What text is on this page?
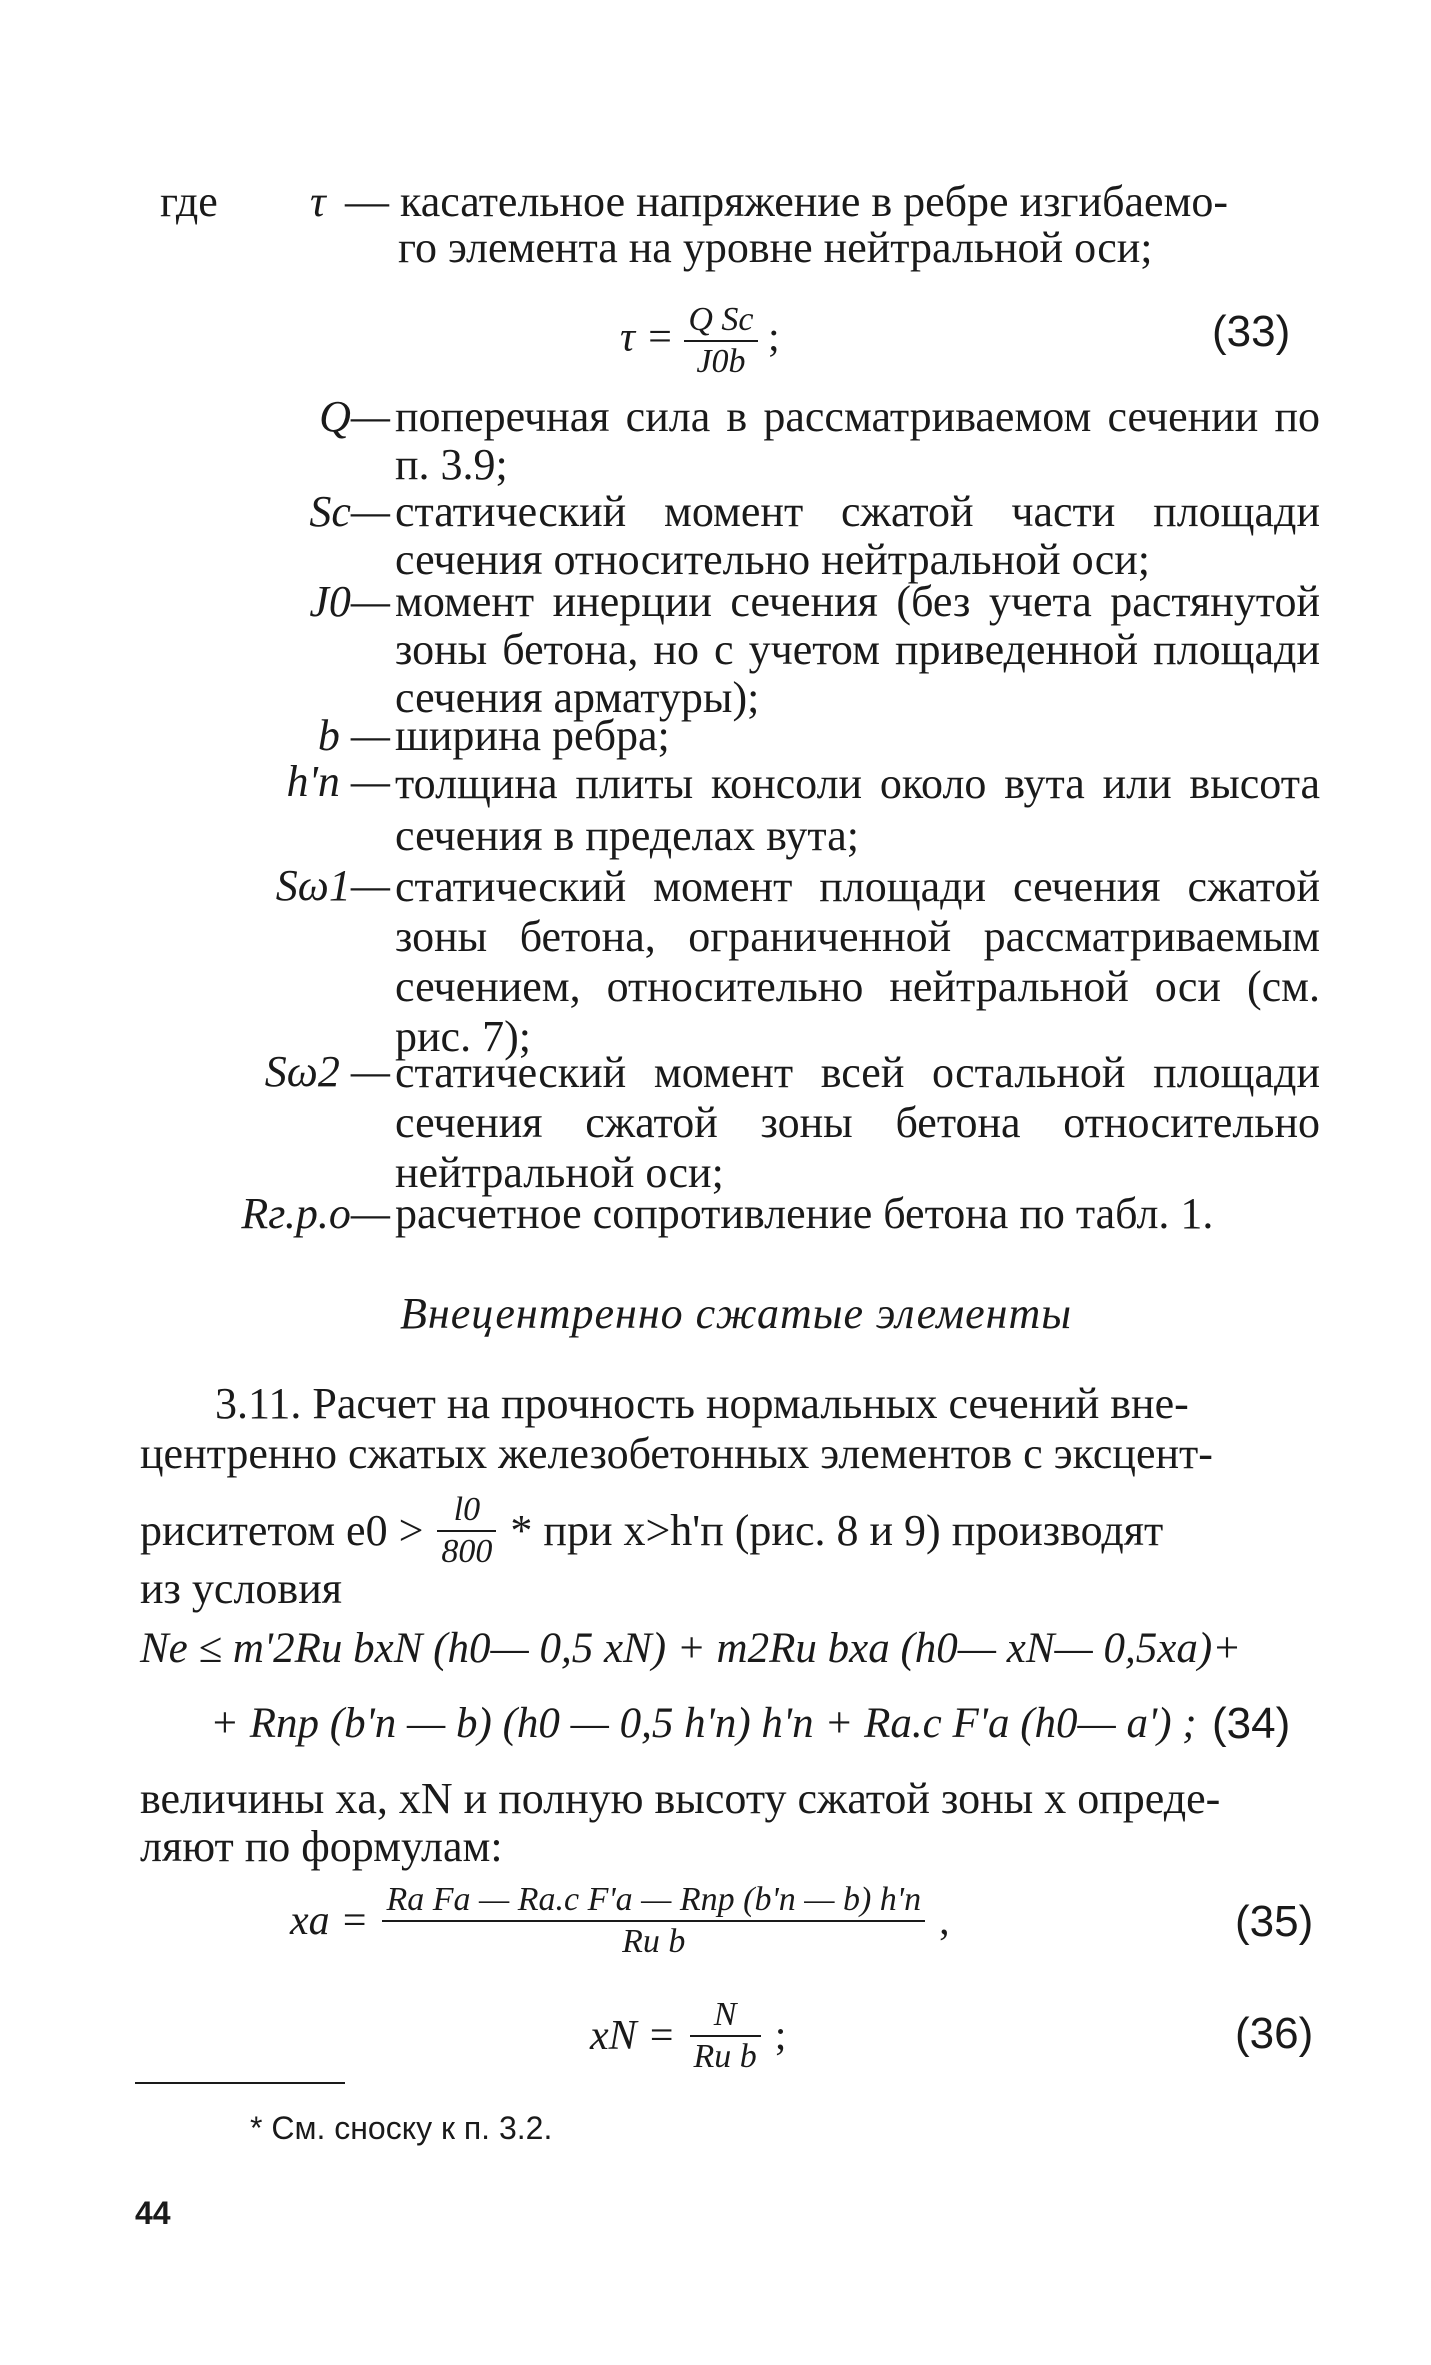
где τ — касательное напряжение в ребре изгибаемо-
го элемента на уровне нейтральной оси;
$\tau = \frac{\text{Q Sc}}{J0b}$ ;	(33)
Q— поперечная сила в рассматриваемом сечении по п. 3.9;
Sc— статический момент сжатой части площади сечения относительно нейтральной оси;
J0— момент инерции сечения (без учета растянутой зоны бетона, но с учетом приведенной площади сечения арматуры);
b — ширина ребра;
h'п — толщина плиты консоли около вута или высота сечения в пределах вута;
Sω1— статический момент площади сечения сжатой зоны бетона, ограниченной рассматриваемым сечением, относительно нейтральной оси (см. рис. 7);
Sω2 — статический момент всей остальной площади сечения сжатой зоны бетона относительно нейтральной оси;
Rг.р.о— расчетное сопротивление бетона по табл. 1.
Внецентренно сжатые элементы
3.11. Расчет на прочность нормальных сечений вне-
центренно сжатых железобетонных элементов с эксцент-
риситетом $e0 > \frac{l0}{800}$ * при x>h'п (рис. 8 и 9) производят
из условия
Ne ≤ m'2Rи bxN (h0— 0,5 xN) + m2Rи bxa (h0— xN— 0,5xa)+
+ Rпр (b'п — b) (h0 — 0,5 h'п) h'п + Ra.c F'a (h0— a') ; (34)
величины xa, xN и полную высоту сжатой зоны x опреде-
ляют по формулам:
xa = $\frac{\text{Ra Fa — Ra.c F'a — Rпр (b'п — b) h'п}}{\text{Rи b}}$ ,	(35)
xN = $\frac{N}{\text{Rи b}}$ ;	(36)
* См. сноску к п. 3.2.
44
